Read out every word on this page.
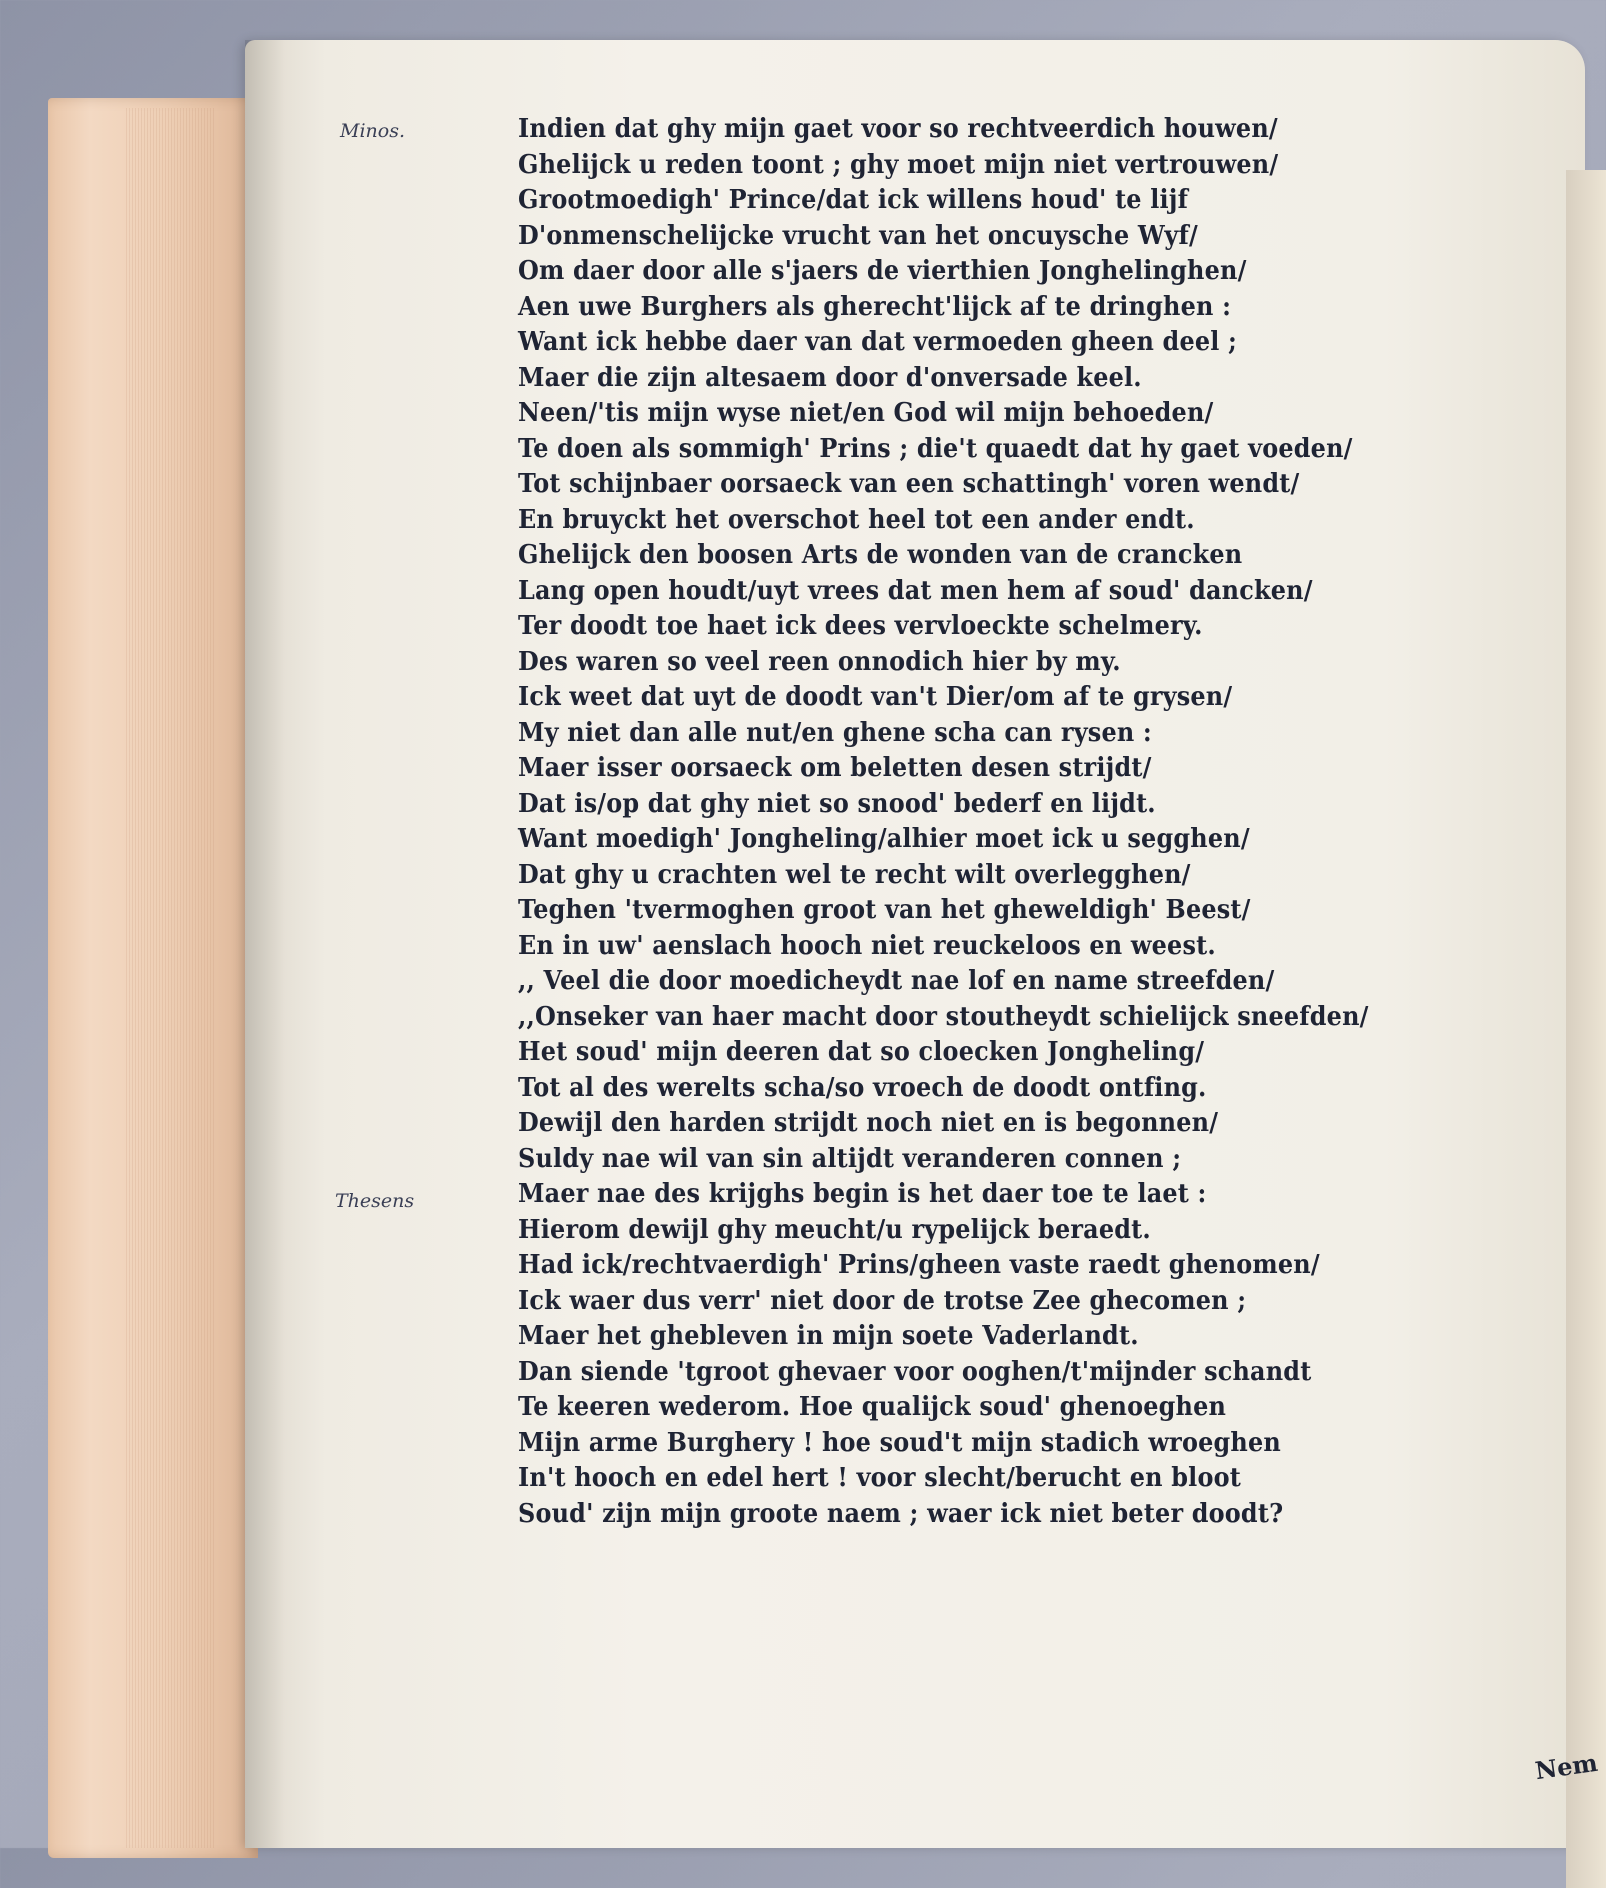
Minos.
Thesens
Indien dat ghy mijn gaet voor so rechtveerdich houwen/
Ghelijck u reden toont ; ghy moet mijn niet vertrouwen/
Grootmoedigh' Prince/dat ick willens houd' te lijf
D'onmenschelijcke vrucht van het oncuysche Wyf/
Om daer door alle s'jaers de vierthien Jonghelinghen/
Aen uwe Burghers als gherecht'lijck af te dringhen :
Want ick hebbe daer van dat vermoeden gheen deel ;
Maer die zijn altesaem door d'onversade keel.
Neen/'tis mijn wyse niet/en God wil mijn behoeden/
Te doen als sommigh' Prins ; die't quaedt dat hy gaet voeden/
Tot schijnbaer oorsaeck van een schattingh' voren wendt/
En bruyckt het overschot heel tot een ander endt.
Ghelijck den boosen Arts de wonden van de crancken
Lang open houdt/uyt vrees dat men hem af soud' dancken/
Ter doodt toe haet ick dees vervloeckte schelmery.
Des waren so veel reen onnodich hier by my.
Ick weet dat uyt de doodt van't Dier/om af te grysen/
My niet dan alle nut/en ghene scha can rysen :
Maer isser oorsaeck om beletten desen strijdt/
Dat is/op dat ghy niet so snood' bederf en lijdt.
Want moedigh' Jongheling/alhier moet ick u segghen/
Dat ghy u crachten wel te recht wilt overlegghen/
Teghen 'tvermoghen groot van het gheweldigh' Beest/
En in uw' aenslach hooch niet reuckeloos en weest.
,, Veel die door moedicheydt nae lof en name streefden/
,,Onseker van haer macht door stoutheydt schielijck sneefden/
Het soud' mijn deeren dat so cloecken Jongheling/
Tot al des werelts scha/so vroech de doodt ontfing.
Dewijl den harden strijdt noch niet en is begonnen/
Suldy nae wil van sin altijdt veranderen connen ;
Maer nae des krijghs begin is het daer toe te laet :
Hierom dewijl ghy meucht/u rypelijck beraedt.
Had ick/rechtvaerdigh' Prins/gheen vaste raedt ghenomen/
Ick waer dus verr' niet door de trotse Zee ghecomen ;
Maer het ghebleven in mijn soete Vaderlandt.
Dan siende 'tgroot ghevaer voor ooghen/t'mijnder schandt
Te keeren wederom. Hoe qualijck soud' ghenoeghen
Mijn arme Burghery ! hoe soud't mijn stadich wroeghen
In't hooch en edel hert ! voor slecht/berucht en bloot
Soud' zijn mijn groote naem ; waer ick niet beter doodt?
Nem
